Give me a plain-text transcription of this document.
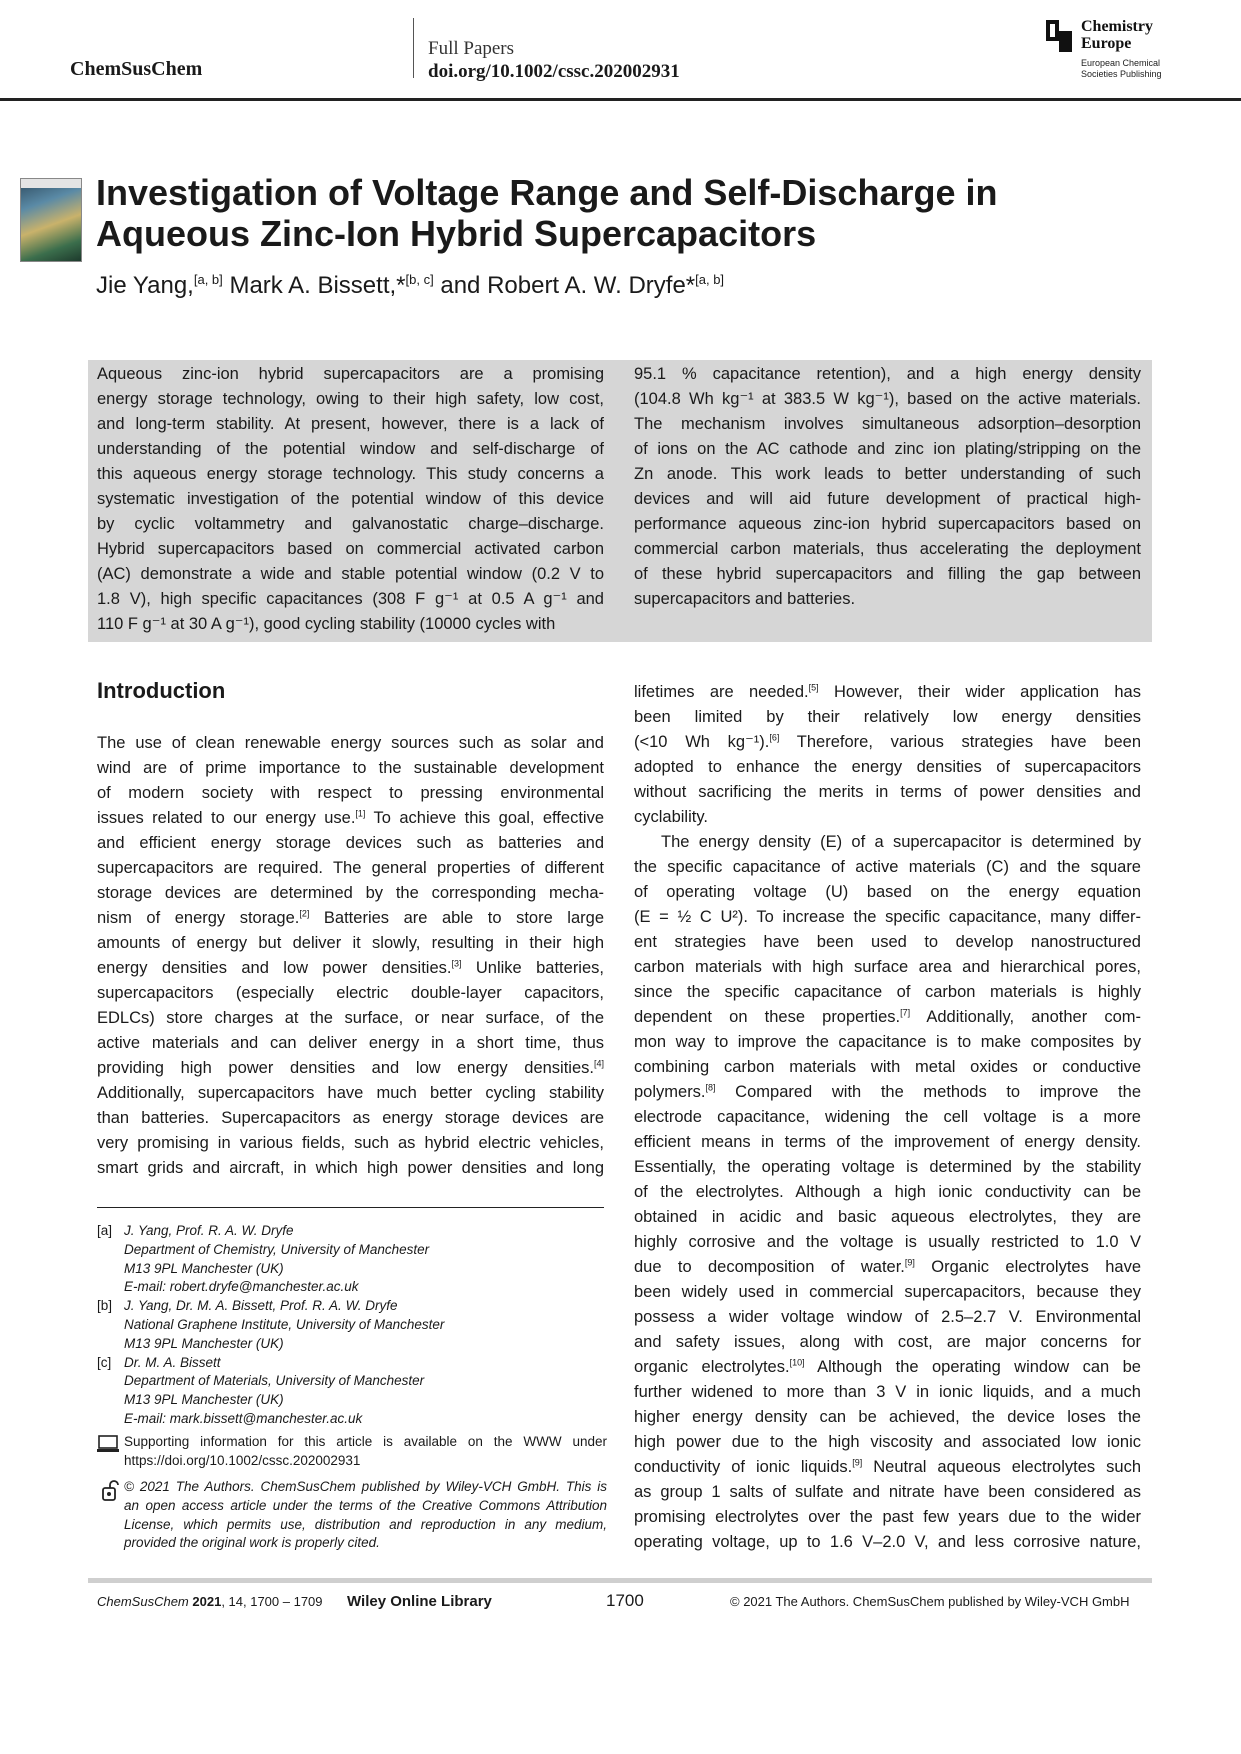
ChemSusChem
Full Papers
doi.org/10.1002/cssc.202002931
Chemistry
Europe
European Chemical
Societies Publishing
Investigation of Voltage Range and Self-Discharge in
Aqueous Zinc-Ion Hybrid Supercapacitors
Jie Yang,[a, b] Mark A. Bissett,*[b, c] and Robert A. W. Dryfe*[a, b]
Aqueous zinc-ion hybrid supercapacitors are a promising
energy storage technology, owing to their high safety, low cost,
and long-term stability. At present, however, there is a lack of
understanding of the potential window and self-discharge of
this aqueous energy storage technology. This study concerns a
systematic investigation of the potential window of this device
by cyclic voltammetry and galvanostatic charge–discharge.
Hybrid supercapacitors based on commercial activated carbon
(AC) demonstrate a wide and stable potential window (0.2 V to
1.8 V), high specific capacitances (308 F g⁻¹ at 0.5 A g⁻¹ and
110 F g⁻¹ at 30 A g⁻¹), good cycling stability (10000 cycles with
95.1 % capacitance retention), and a high energy density
(104.8 Wh kg⁻¹ at 383.5 W kg⁻¹), based on the active materials.
The mechanism involves simultaneous adsorption–desorption
of ions on the AC cathode and zinc ion plating/stripping on the
Zn anode. This work leads to better understanding of such
devices and will aid future development of practical high-
performance aqueous zinc-ion hybrid supercapacitors based on
commercial carbon materials, thus accelerating the deployment
of these hybrid supercapacitors and filling the gap between
supercapacitors and batteries.
Introduction
The use of clean renewable energy sources such as solar and
wind are of prime importance to the sustainable development
of modern society with respect to pressing environmental
issues related to our energy use.[1] To achieve this goal, effective
and efficient energy storage devices such as batteries and
supercapacitors are required. The general properties of different
storage devices are determined by the corresponding mecha-
nism of energy storage.[2] Batteries are able to store large
amounts of energy but deliver it slowly, resulting in their high
energy densities and low power densities.[3] Unlike batteries,
supercapacitors (especially electric double-layer capacitors,
EDLCs) store charges at the surface, or near surface, of the
active materials and can deliver energy in a short time, thus
providing high power densities and low energy densities.[4]
Additionally, supercapacitors have much better cycling stability
than batteries. Supercapacitors as energy storage devices are
very promising in various fields, such as hybrid electric vehicles,
smart grids and aircraft, in which high power densities and long
lifetimes are needed.[5] However, their wider application has
been limited by their relatively low energy densities
(<10 Wh kg⁻¹).[6] Therefore, various strategies have been
adopted to enhance the energy densities of supercapacitors
without sacrificing the merits in terms of power densities and
cyclability.
The energy density (E) of a supercapacitor is determined by
the specific capacitance of active materials (C) and the square
of operating voltage (U) based on the energy equation
(E = ½ C U²). To increase the specific capacitance, many differ-
ent strategies have been used to develop nanostructured
carbon materials with high surface area and hierarchical pores,
since the specific capacitance of carbon materials is highly
dependent on these properties.[7] Additionally, another com-
mon way to improve the capacitance is to make composites by
combining carbon materials with metal oxides or conductive
polymers.[8] Compared with the methods to improve the
electrode capacitance, widening the cell voltage is a more
efficient means in terms of the improvement of energy density.
Essentially, the operating voltage is determined by the stability
of the electrolytes. Although a high ionic conductivity can be
obtained in acidic and basic aqueous electrolytes, they are
highly corrosive and the voltage is usually restricted to 1.0 V
due to decomposition of water.[9] Organic electrolytes have
been widely used in commercial supercapacitors, because they
possess a wider voltage window of 2.5–2.7 V. Environmental
and safety issues, along with cost, are major concerns for
organic electrolytes.[10] Although the operating window can be
further widened to more than 3 V in ionic liquids, and a much
higher energy density can be achieved, the device loses the
high power due to the high viscosity and associated low ionic
conductivity of ionic liquids.[9] Neutral aqueous electrolytes such
as group 1 salts of sulfate and nitrate have been considered as
promising electrolytes over the past few years due to the wider
operating voltage, up to 1.6 V–2.0 V, and less corrosive nature,
[a] J. Yang, Prof. R. A. W. Dryfe
Department of Chemistry, University of Manchester
M13 9PL Manchester (UK)
E-mail: robert.dryfe@manchester.ac.uk
[b] J. Yang, Dr. M. A. Bissett, Prof. R. A. W. Dryfe
National Graphene Institute, University of Manchester
M13 9PL Manchester (UK)
[c] Dr. M. A. Bissett
Department of Materials, University of Manchester
M13 9PL Manchester (UK)
E-mail: mark.bissett@manchester.ac.uk
Supporting information for this article is available on the WWW under
https://doi.org/10.1002/cssc.202002931
© 2021 The Authors. ChemSusChem published by Wiley-VCH GmbH. This is
an open access article under the terms of the Creative Commons Attribution
License, which permits use, distribution and reproduction in any medium,
provided the original work is properly cited.
ChemSusChem 2021, 14, 1700 – 1709 Wiley Online Library	1700	© 2021 The Authors. ChemSusChem published by Wiley-VCH GmbH
